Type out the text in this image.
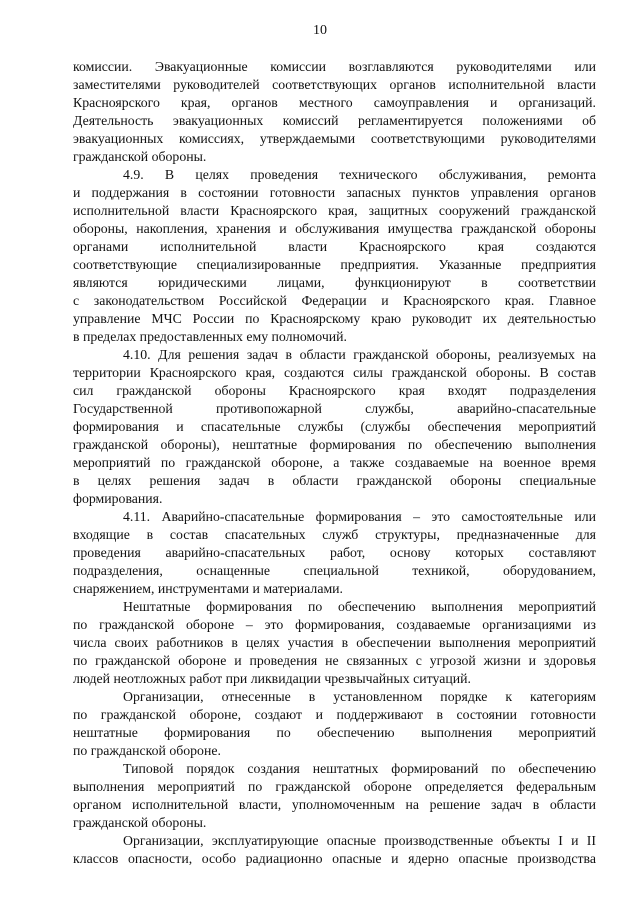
10
комиссии. Эвакуационные комиссии возглавляются руководителями или
заместителями руководителей соответствующих органов исполнительной власти
Красноярского края, органов местного самоуправления и организаций.
Деятельность эвакуационных комиссий регламентируется положениями об
эвакуационных комиссиях, утверждаемыми соответствующими руководителями
гражданской обороны.
4.9. В целях проведения технического обслуживания, ремонта
и поддержания в состоянии готовности запасных пунктов управления органов
исполнительной власти Красноярского края, защитных сооружений гражданской
обороны, накопления, хранения и обслуживания имущества гражданской обороны
органами исполнительной власти Красноярского края создаются
соответствующие специализированные предприятия. Указанные предприятия
являются юридическими лицами, функционируют в соответствии
с законодательством Российской Федерации и Красноярского края. Главное
управление МЧС России по Красноярскому краю руководит их деятельностью
в пределах предоставленных ему полномочий.
4.10. Для решения задач в области гражданской обороны, реализуемых на
территории Красноярского края, создаются силы гражданской обороны. В состав
сил гражданской обороны Красноярского края входят подразделения
Государственной противопожарной службы, аварийно-спасательные
формирования и спасательные службы (службы обеспечения мероприятий
гражданской обороны), нештатные формирования по обеспечению выполнения
мероприятий по гражданской обороне, а также создаваемые на военное время
в целях решения задач в области гражданской обороны специальные
формирования.
4.11. Аварийно-спасательные формирования – это самостоятельные или
входящие в состав спасательных служб структуры, предназначенные для
проведения аварийно-спасательных работ, основу которых составляют
подразделения, оснащенные специальной техникой, оборудованием,
снаряжением, инструментами и материалами.
Нештатные формирования по обеспечению выполнения мероприятий
по гражданской обороне – это формирования, создаваемые организациями из
числа своих работников в целях участия в обеспечении выполнения мероприятий
по гражданской обороне и проведения не связанных с угрозой жизни и здоровья
людей неотложных работ при ликвидации чрезвычайных ситуаций.
Организации, отнесенные в установленном порядке к категориям
по гражданской обороне, создают и поддерживают в состоянии готовности
нештатные формирования по обеспечению выполнения мероприятий
по гражданской обороне.
Типовой порядок создания нештатных формирований по обеспечению
выполнения мероприятий по гражданской обороне определяется федеральным
органом исполнительной власти, уполномоченным на решение задач в области
гражданской обороны.
Организации, эксплуатирующие опасные производственные объекты I и II
классов опасности, особо радиационно опасные и ядерно опасные производства
